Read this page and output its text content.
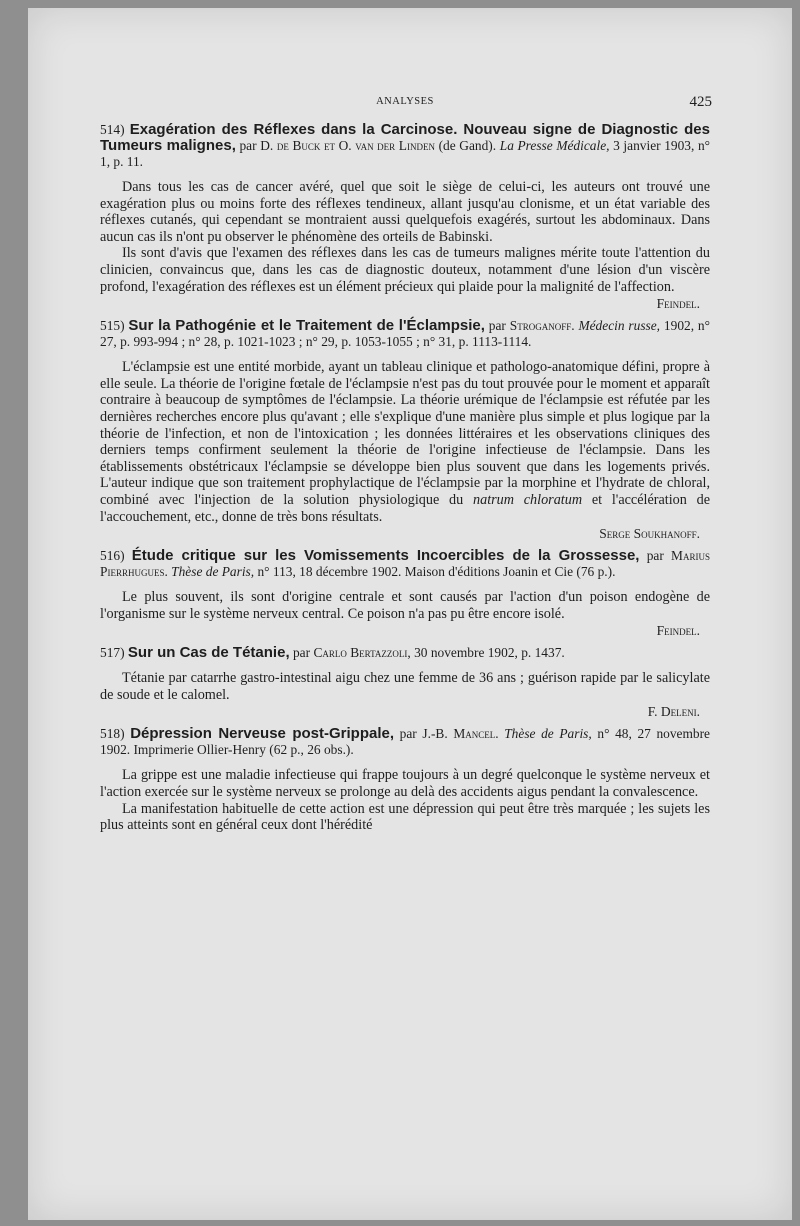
ANALYSES	425
514) Exagération des Réflexes dans la Carcinose. Nouveau signe de Diagnostic des Tumeurs malignes, par D. de Buck et O. van der Linden (de Gand). La Presse Médicale, 3 janvier 1903, n° 1, p. 11.

Dans tous les cas de cancer avéré, quel que soit le siège de celui-ci, les auteurs ont trouvé une exagération plus ou moins forte des réflexes tendineux, allant jusqu'au clonisme, et un état variable des réflexes cutanés, qui cependant se montraient aussi quelquefois exagérés, surtout les abdominaux. Dans aucun cas ils n'ont pu observer le phénomène des orteils de Babinski.

Ils sont d'avis que l'examen des réflexes dans les cas de tumeurs malignes mérite toute l'attention du clinicien, convaincus que, dans les cas de diagnostic douteux, notamment d'une lésion d'un viscère profond, l'exagération des réflexes est un élément précieux qui plaide pour la malignité de l'affection.

Feindel.
515) Sur la Pathogénie et le Traitement de l'Éclampsie, par Stroganoff. Médecin russe, 1902, n° 27, p. 993-994 ; n° 28, p. 1021-1023 ; n° 29, p. 1053-1055 ; n° 31, p. 1113-1114.

L'éclampsie est une entité morbide, ayant un tableau clinique et pathologo-anatomique défini, propre à elle seule. La théorie de l'origine fœtale de l'éclampsie n'est pas du tout prouvée pour le moment et apparaît contraire à beaucoup de symptômes de l'éclampsie. La théorie urémique de l'éclampsie est réfutée par les dernières recherches encore plus qu'avant ; elle s'explique d'une manière plus simple et plus logique par la théorie de l'infection, et non de l'intoxication ; les données littéraires et les observations cliniques des derniers temps confirment seulement la théorie de l'origine infectieuse de l'éclampsie. Dans les établissements obstétricaux l'éclampsie se développe bien plus souvent que dans les logements privés. L'auteur indique que son traitement prophylactique de l'éclampsie par la morphine et l'hydrate de chloral, combiné avec l'injection de la solution physiologique du natrum chloratum et l'accélération de l'accouchement, etc., donne de très bons résultats.

Serge Soukhanoff.
516) Étude critique sur les Vomissements Incoercibles de la Grossesse, par Marius Pierrhugues. Thèse de Paris, n° 113, 18 décembre 1902. Maison d'éditions Joanin et Cie (76 p.).

Le plus souvent, ils sont d'origine centrale et sont causés par l'action d'un poison endogène de l'organisme sur le système nerveux central. Ce poison n'a pas pu être encore isolé.

Feindel.
517) Sur un Cas de Tétanie, par Carlo Bertazzoli, 30 novembre 1902, p. 1437.

Tétanie par catarrhe gastro-intestinal aigu chez une femme de 36 ans ; guérison rapide par le salicylate de soude et le calomel.

F. Deleni.
518) Dépression Nerveuse post-Grippale, par J.-B. Mancel. Thèse de Paris, n° 48, 27 novembre 1902. Imprimerie Ollier-Henry (62 p., 26 obs.).

La grippe est une maladie infectieuse qui frappe toujours à un degré quelconque le système nerveux et l'action exercée sur le système nerveux se prolonge au delà des accidents aigus pendant la convalescence.

La manifestation habituelle de cette action est une dépression qui peut être très marquée ; les sujets les plus atteints sont en général ceux dont l'hérédité
